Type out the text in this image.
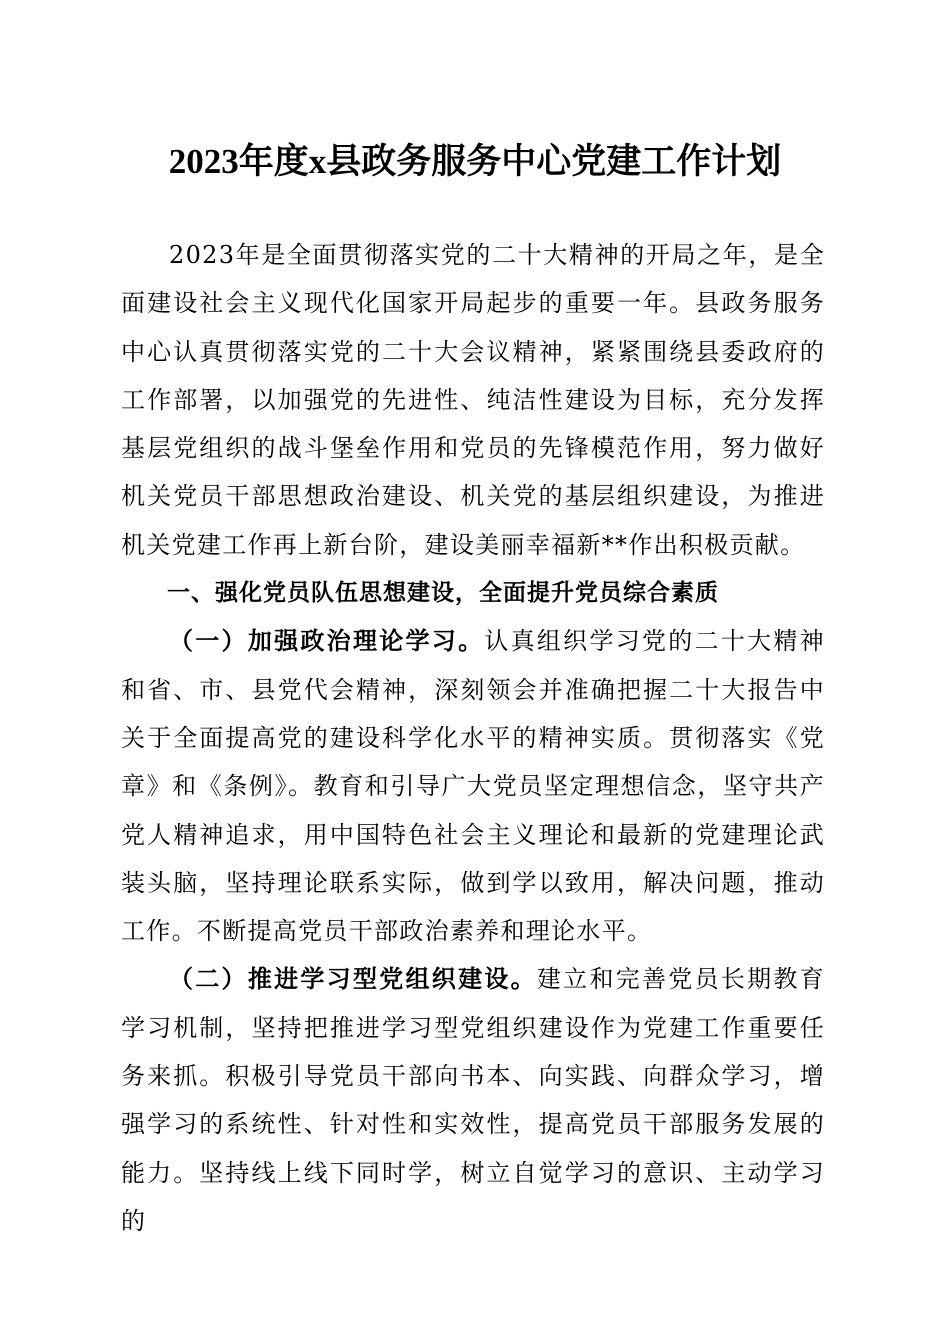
2023年度x县政务服务中心党建工作计划

2023年是全面贯彻落实党的二十大精神的开局之年，是全面建设社会主义现代化国家开局起步的重要一年。县政务服务中心认真贯彻落实党的二十大会议精神，紧紧围绕县委政府的工作部署，以加强党的先进性、纯洁性建设为目标，充分发挥基层党组织的战斗堡垒作用和党员的先锋模范作用，努力做好机关党员干部思想政治建设、机关党的基层组织建设，为推进机关党建工作再上新台阶，建设美丽幸福新**作出积极贡献。

一、强化党员队伍思想建设，全面提升党员综合素质

（一）加强政治理论学习。认真组织学习党的二十大精神和省、市、县党代会精神，深刻领会并准确把握二十大报告中关于全面提高党的建设科学化水平的精神实质。贯彻落实《党章》和《条例》。教育和引导广大党员坚定理想信念，坚守共产党人精神追求，用中国特色社会主义理论和最新的党建理论武装头脑，坚持理论联系实际，做到学以致用，解决问题，推动工作。不断提高党员干部政治素养和理论水平。

（二）推进学习型党组织建设。建立和完善党员长期教育学习机制，坚持把推进学习型党组织建设作为党建工作重要任务来抓。积极引导党员干部向书本、向实践、向群众学习，增强学习的系统性、针对性和实效性，提高党员干部服务发展的能力。坚持线上线下同时学，树立自觉学习的意识、主动学习的
